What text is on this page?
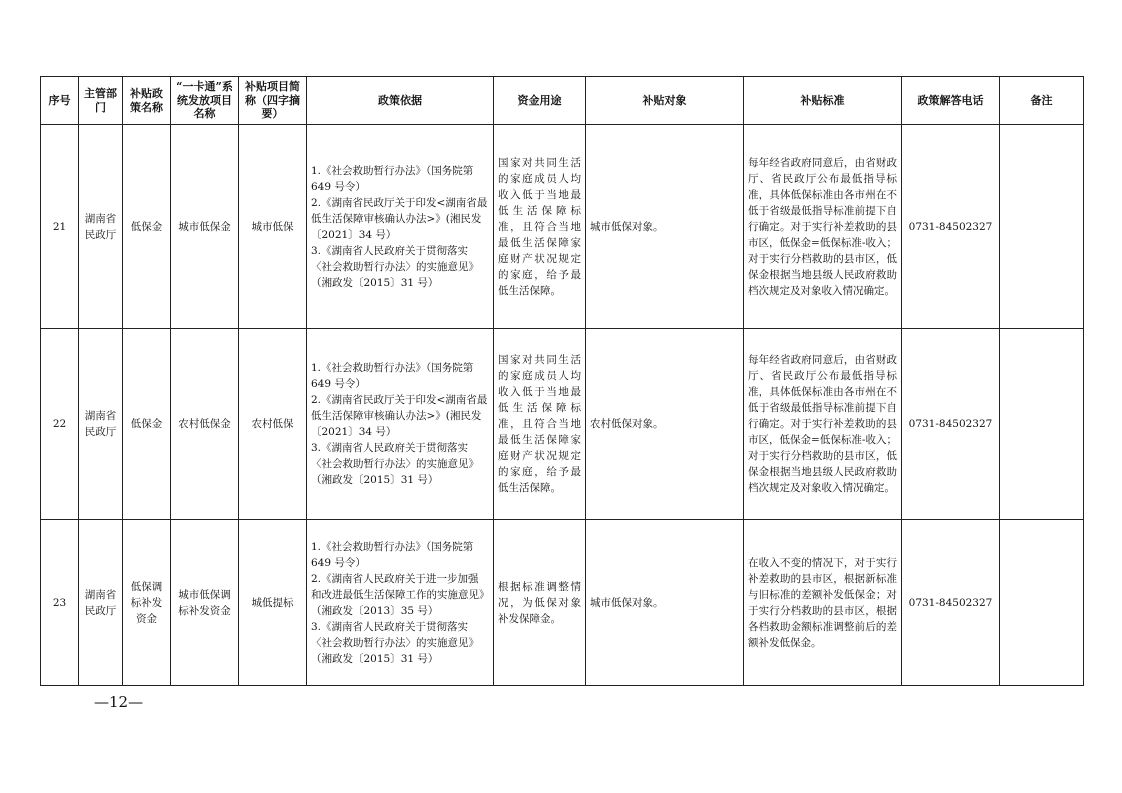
序号	主管部门	补贴政策名称	“一卡通”系统发放项目名称	补贴项目简称（四字摘要）	政策依据	资金用途	补贴对象	补贴标准	政策解答电话	备注
21	湖南省民政厅	低保金	城市低保金	城市低保	1.《社会救助暂行办法》（国务院第 649 号令）
2.《湖南省民政厅关于印发<湖南省最低生活保障审核确认办法>》(湘民发〔2021〕34 号）
3.《湖南省人民政府关于贯彻落实〈社会救助暂行办法〉的实施意见》（湘政发〔2015〕31 号）	国家对共同生活的家庭成员人均收入低于当地最低生活保障标准，且符合当地最低生活保障家庭财产状况规定的家庭，给予最低生活保障。	城市低保对象。	每年经省政府同意后，由省财政厅、省民政厅公布最低指导标准，具体低保标准由各市州在不低于省级最低指导标准前提下自行确定。对于实行补差救助的县市区，低保金=低保标准-收入；对于实行分档救助的县市区，低保金根据当地县级人民政府救助档次规定及对象收入情况确定。	0731-84502327	
22	湖南省民政厅	低保金	农村低保金	农村低保	1.《社会救助暂行办法》（国务院第 649 号令）
2.《湖南省民政厅关于印发<湖南省最低生活保障审核确认办法>》(湘民发〔2021〕34 号）
3.《湖南省人民政府关于贯彻落实〈社会救助暂行办法〉的实施意见》（湘政发〔2015〕31 号）	国家对共同生活的家庭成员人均收入低于当地最低生活保障标准，且符合当地最低生活保障家庭财产状况规定的家庭，给予最低生活保障。	农村低保对象。	每年经省政府同意后，由省财政厅、省民政厅公布最低指导标准，具体低保标准由各市州在不低于省级最低指导标准前提下自行确定。对于实行补差救助的县市区，低保金=低保标准-收入；对于实行分档救助的县市区，低保金根据当地县级人民政府救助档次规定及对象收入情况确定。	0731-84502327	
23	湖南省民政厅	低保调标补发资金	城市低保调标补发资金	城低提标	1.《社会救助暂行办法》（国务院第 649 号令）
2.《湖南省人民政府关于进一步加强和改进最低生活保障工作的实施意见》（湘政发〔2013〕35 号）
3.《湖南省人民政府关于贯彻落实〈社会救助暂行办法〉的实施意见》（湘政发〔2015〕31 号）	根据标准调整情况，为低保对象补发保障金。	城市低保对象。	在收入不变的情况下，对于实行补差救助的县市区，根据新标准与旧标准的差额补发低保金；对于实行分档救助的县市区，根据各档救助金额标准调整前后的差额补发低保金。	0731-84502327	
—12—
